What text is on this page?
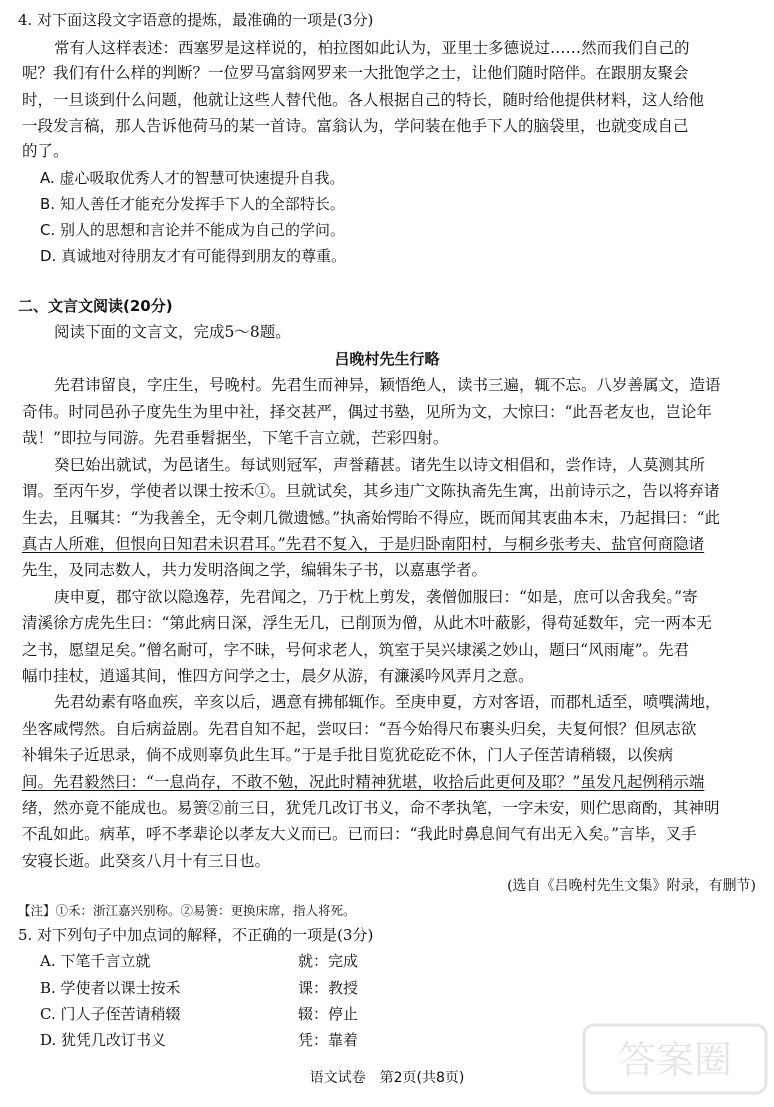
4. 对下面这段文字语意的提炼，最准确的一项是(3分)
常有人这样表述：西塞罗是这样说的，柏拉图如此认为，亚里士多德说过……然而我们自己的
呢？我们有什么样的判断？一位罗马富翁网罗来一大批饱学之士，让他们随时陪伴。在跟朋友聚会
时，一旦谈到什么问题，他就让这些人替代他。各人根据自己的特长，随时给他提供材料，这人给他
一段发言稿，那人告诉他荷马的某一首诗。富翁认为，学问装在他手下人的脑袋里，也就变成自己
的了。
A. 虚心吸取优秀人才的智慧可快速提升自我。
B. 知人善任才能充分发挥手下人的全部特长。
C. 别人的思想和言论并不能成为自己的学问。
D. 真诚地对待朋友才有可能得到朋友的尊重。
二、文言文阅读(20分)
阅读下面的文言文，完成5～8题。
吕晚村先生行略
先君讳留良，字庄生，号晚村。先君生而神异，颖悟绝人，读书三遍，辄不忘。八岁善属文，造语
奇伟。时同邑孙子度先生为里中社，择交甚严，偶过书塾，见所为文，大惊曰：“此吾老友也，岂论年
哉！”即拉与同游。先君垂髫据坐，下笔千言立就，芒彩四射。
癸巳始出就试，为邑诸生。每试则冠军，声誉藉甚。诸先生以诗文相倡和，尝作诗，人莫测其所
谓。至丙午岁，学使者以课士按禾①。旦就试矣，其乡违广文陈执斋先生寓，出前诗示之，告以将弃诸
生去，且嘱其：“为我善全，无令刺几微遗憾。”执斋始愕眙不得应，既而闻其衷曲本末，乃起揖曰：“此
真古人所难，但恨向日知君未识君耳。”先君不复入，于是归卧南阳村，与桐乡张考夫、盐官何商隐诸
先生，及同志数人，共力发明洛闽之学，编辑朱子书，以嘉惠学者。
庚申夏，郡守欲以隐逸荐，先君闻之，乃于枕上剪发，袭僧伽服曰：“如是，庶可以舍我矣。”寄
清溪徐方虎先生曰：“第此病日深，浮生无几，已削顶为僧，从此木叶蔽影，得苟延数年，完一两本无
之书，愿望足矣。”僧名耐可，字不昧，号何求老人，筑室于吴兴埭溪之妙山，题曰“风雨庵”。先君
幅巾挂杖，逍遥其间，惟四方问学之士，晨夕从游，有濂溪吟风弄月之意。
先君幼素有咯血疾，辛亥以后，遇意有拂郁辄作。至庚申夏，方对客语，而郡札适至，喷噀满地，
坐客咸愕然。自后病益剧。先君自知不起，尝叹曰：“吾今始得尺布裹头归矣，夫复何恨？但夙志欲
补辑朱子近思录，倘不成则辜负此生耳。”于是手批目览犹矻矻不休，门人子侄苦请稍辍，以俟病
间。先君毅然曰：“一息尚存，不敢不勉，况此时精神犹堪，收拾后此更何及耶？”虽发凡起例稍示端
绪，然亦竟不能成也。易箦②前三日，犹凭几改订书义，命不孝执笔，一字未安，则伫思商酌，其神明
不乱如此。病革，呼不孝辈论以孝友大义而已。已而曰：“我此时鼻息间气有出无入矣。”言毕，叉手
安寝长逝。此癸亥八月十有三日也。
(选自《吕晚村先生文集》附录，有删节)
【注】①禾：浙江嘉兴别称。②易箦：更换床席，指人将死。
5. 对下列句子中加点词的解释，不正确的一项是(3分)
A. 下笔千言立就	就：完成
B. 学使者以课士按禾	课：教授
C. 门人子侄苦请稍辍	辍：停止
D. 犹凭几改订书义	凭：靠着
语文试卷　第2页(共8页)	答案圈
